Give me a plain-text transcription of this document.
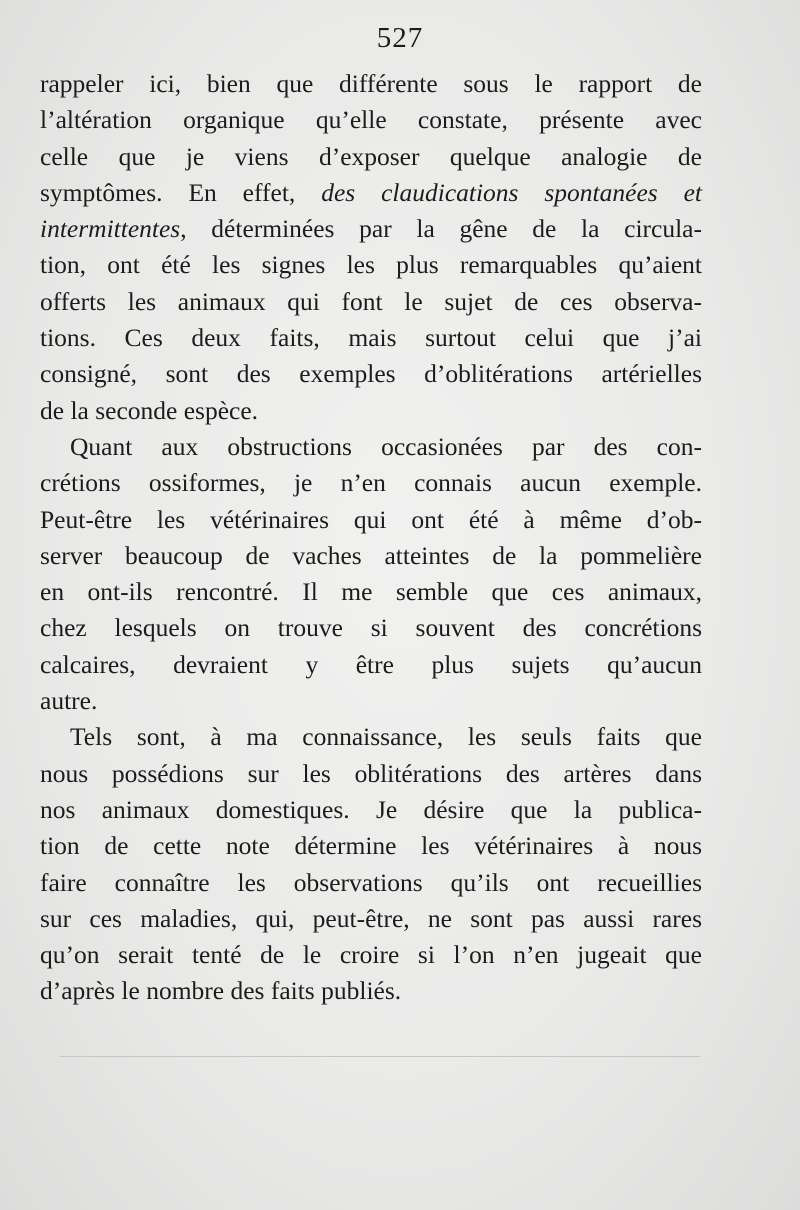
527
rappeler ici, bien que différente sous le rapport de
l’altération organique qu’elle constate, présente avec
celle que je viens d’exposer quelque analogie de
symptômes. En effet, des claudications spontanées et
intermittentes, déterminées par la gêne de la circula-
tion, ont été les signes les plus remarquables qu’aient
offerts les animaux qui font le sujet de ces observa-
tions. Ces deux faits, mais surtout celui que j’ai
consigné, sont des exemples d’oblitérations artérielles
de la seconde espèce.
Quant aux obstructions occasionées par des con-
crétions ossiformes, je n’en connais aucun exemple.
Peut-être les vétérinaires qui ont été à même d’ob-
server beaucoup de vaches atteintes de la pommelière
en ont-ils rencontré. Il me semble que ces animaux,
chez lesquels on trouve si souvent des concrétions
calcaires, devraient y être plus sujets qu’aucun
autre.
Tels sont, à ma connaissance, les seuls faits que
nous possédions sur les oblitérations des artères dans
nos animaux domestiques. Je désire que la publica-
tion de cette note détermine les vétérinaires à nous
faire connaître les observations qu’ils ont recueillies
sur ces maladies, qui, peut-être, ne sont pas aussi rares
qu’on serait tenté de le croire si l’on n’en jugeait que
d’après le nombre des faits publiés.
